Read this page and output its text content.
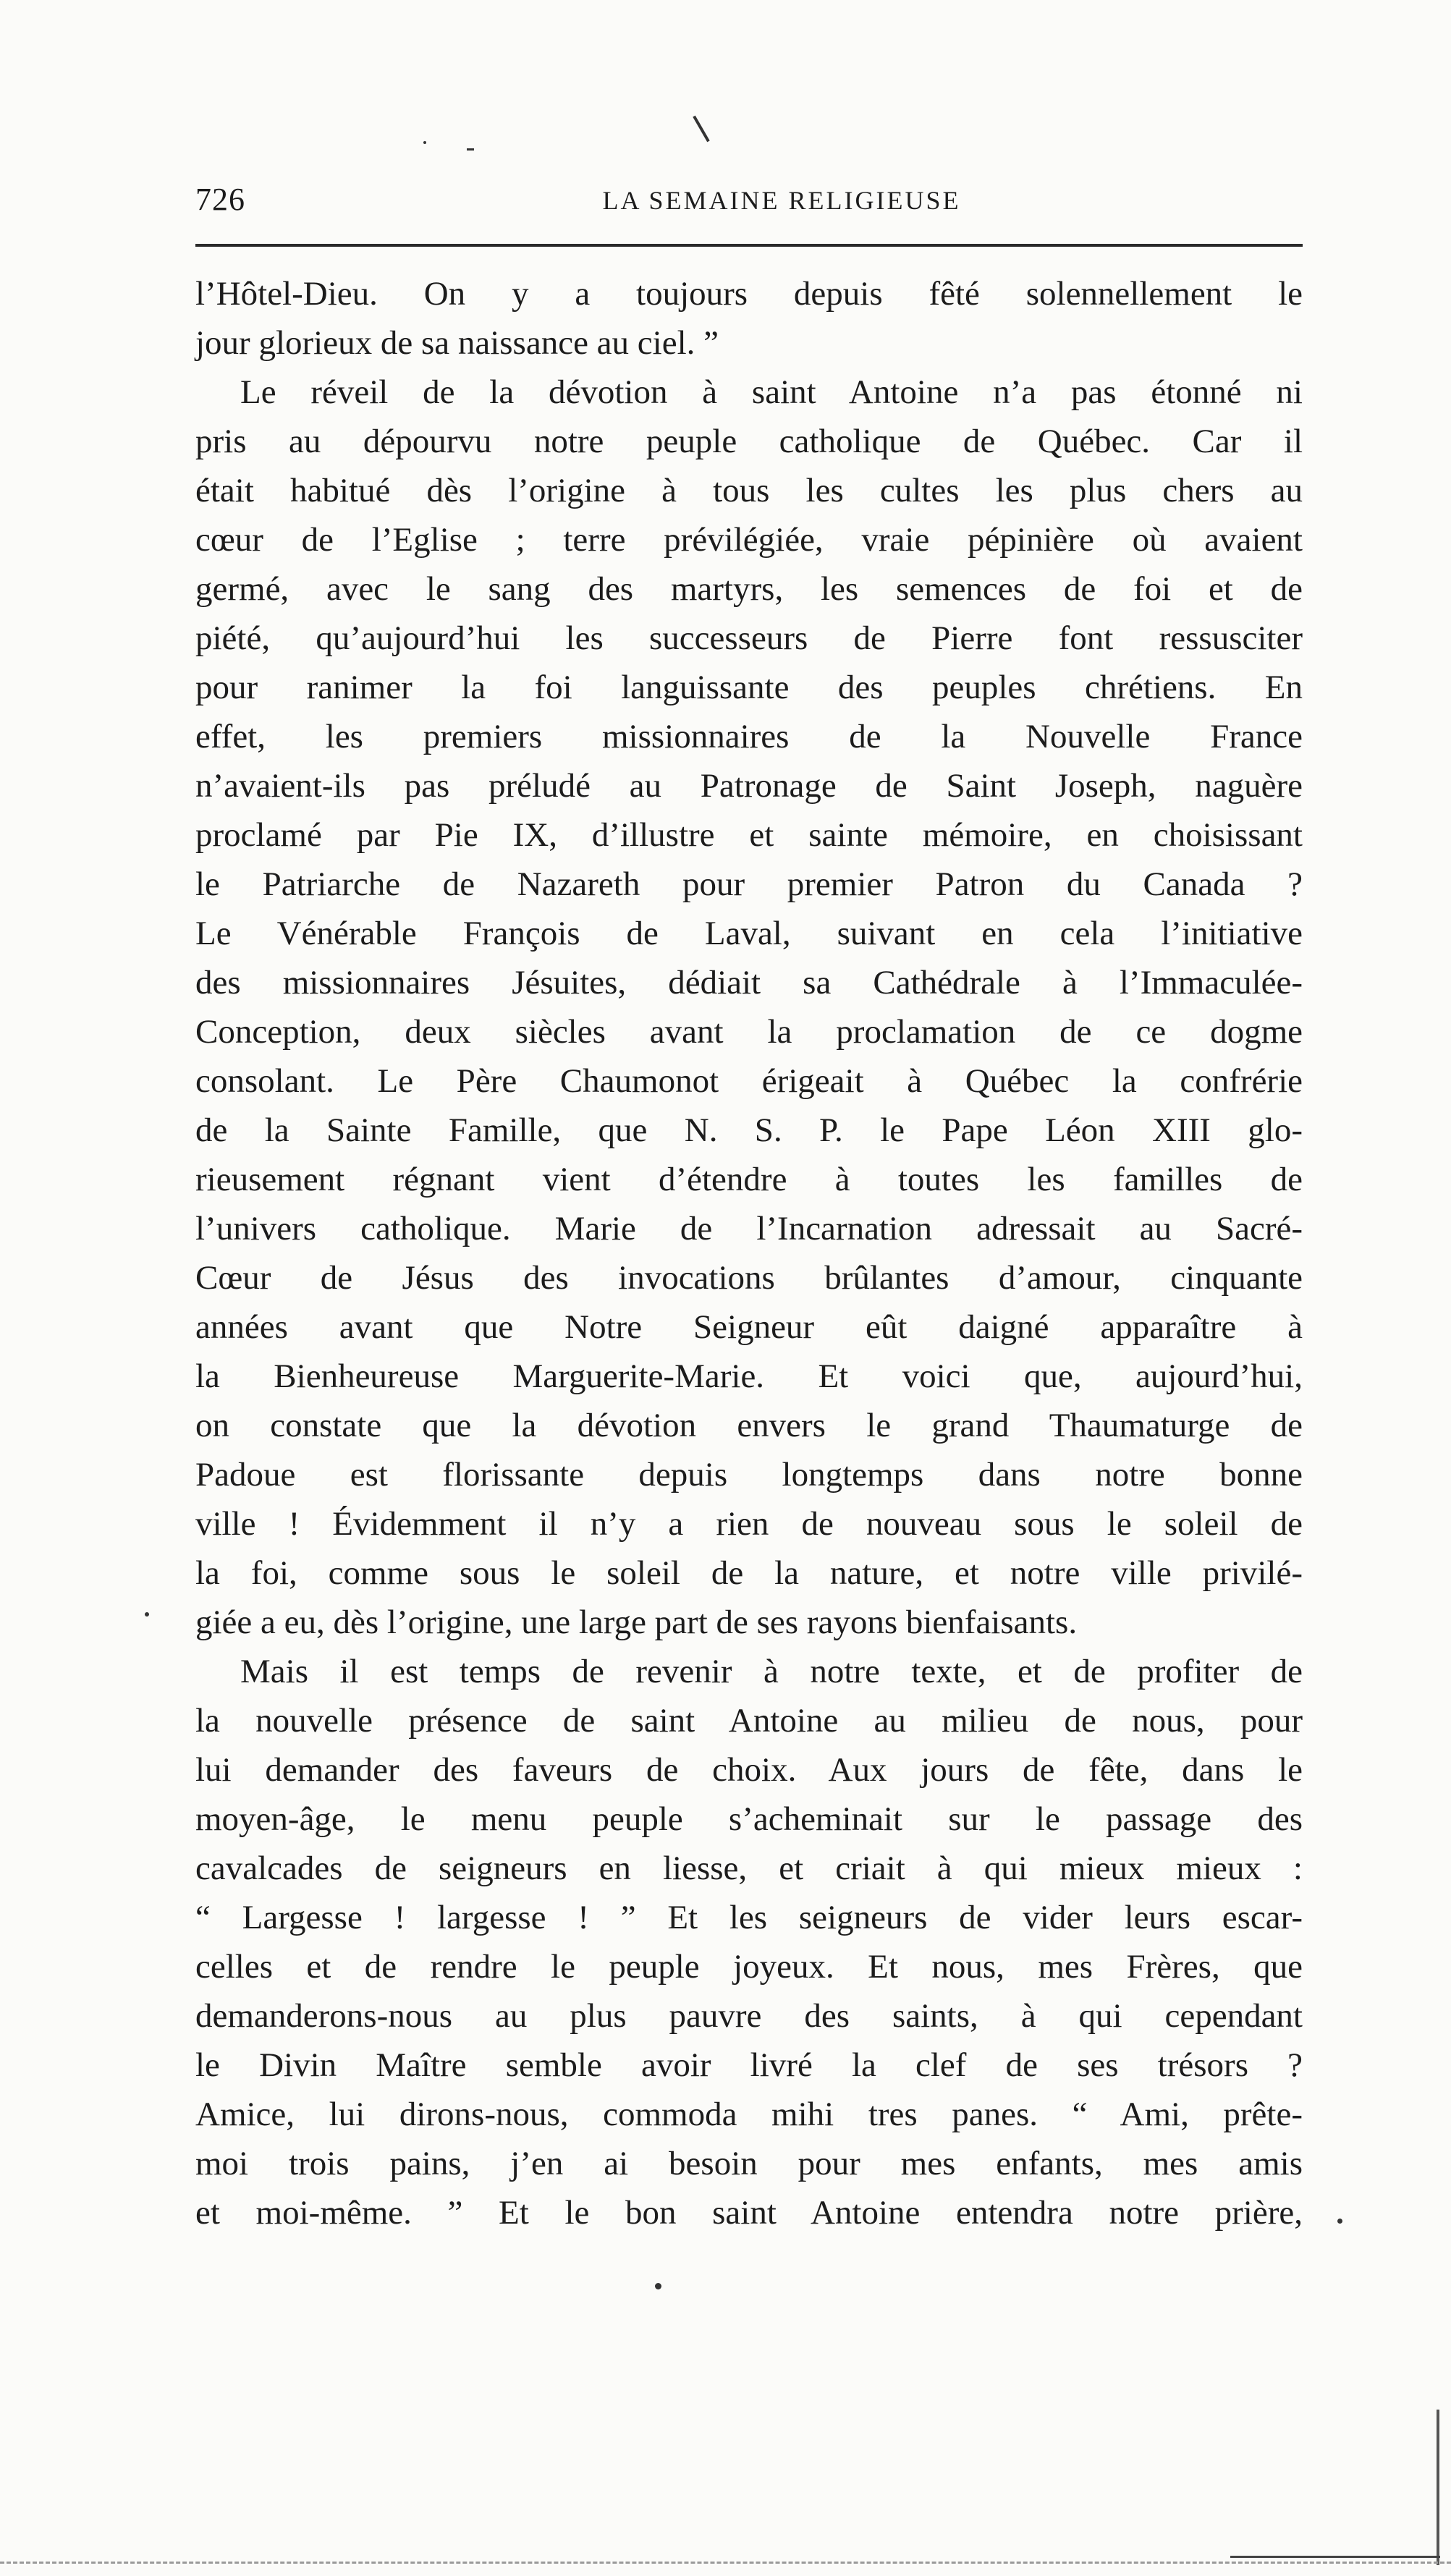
726	LA SEMAINE RELIGIEUSE
l’Hôtel-Dieu. On y a toujours depuis fêté solennellement le
jour glorieux de sa naissance au ciel. ”
Le réveil de la dévotion à saint Antoine n’a pas étonné ni
pris au dépourvu notre peuple catholique de Québec. Car il
était habitué dès l’origine à tous les cultes les plus chers au
cœur de l’Eglise ; terre prévilégiée, vraie pépinière où avaient
germé, avec le sang des martyrs, les semences de foi et de
piété, qu’aujourd’hui les successeurs de Pierre font ressusciter
pour ranimer la foi languissante des peuples chrétiens. En
effet, les premiers missionnaires de la Nouvelle France
n’avaient-ils pas préludé au Patronage de Saint Joseph, naguère
proclamé par Pie IX, d’illustre et sainte mémoire, en choisissant
le Patriarche de Nazareth pour premier Patron du Canada ?
Le Vénérable François de Laval, suivant en cela l’initiative
des missionnaires Jésuites, dédiait sa Cathédrale à l’Immaculée-
Conception, deux siècles avant la proclamation de ce dogme
consolant. Le Père Chaumonot érigeait à Québec la confrérie
de la Sainte Famille, que N. S. P. le Pape Léon XIII glo-
rieusement régnant vient d’étendre à toutes les familles de
l’univers catholique. Marie de l’Incarnation adressait au Sacré-
Cœur de Jésus des invocations brûlantes d’amour, cinquante
années avant que Notre Seigneur eût daigné apparaître à
la Bienheureuse Marguerite-Marie. Et voici que, aujourd’hui,
on constate que la dévotion envers le grand Thaumaturge de
Padoue est florissante depuis longtemps dans notre bonne
ville ! Évidemment il n’y a rien de nouveau sous le soleil de
la foi, comme sous le soleil de la nature, et notre ville privilé-
giée a eu, dès l’origine, une large part de ses rayons bienfaisants.
Mais il est temps de revenir à notre texte, et de profiter de
la nouvelle présence de saint Antoine au milieu de nous, pour
lui demander des faveurs de choix. Aux jours de fête, dans le
moyen-âge, le menu peuple s’acheminait sur le passage des
cavalcades de seigneurs en liesse, et criait à qui mieux mieux :
“ Largesse ! largesse ! ” Et les seigneurs de vider leurs escar-
celles et de rendre le peuple joyeux. Et nous, mes Frères, que
demanderons-nous au plus pauvre des saints, à qui cependant
le Divin Maître semble avoir livré la clef de ses trésors ?
Amice, lui dirons-nous, commoda mihi tres panes. “ Ami, prête-
moi trois pains, j’en ai besoin pour mes enfants, mes amis
et moi-même. ” Et le bon saint Antoine entendra notre prière,
